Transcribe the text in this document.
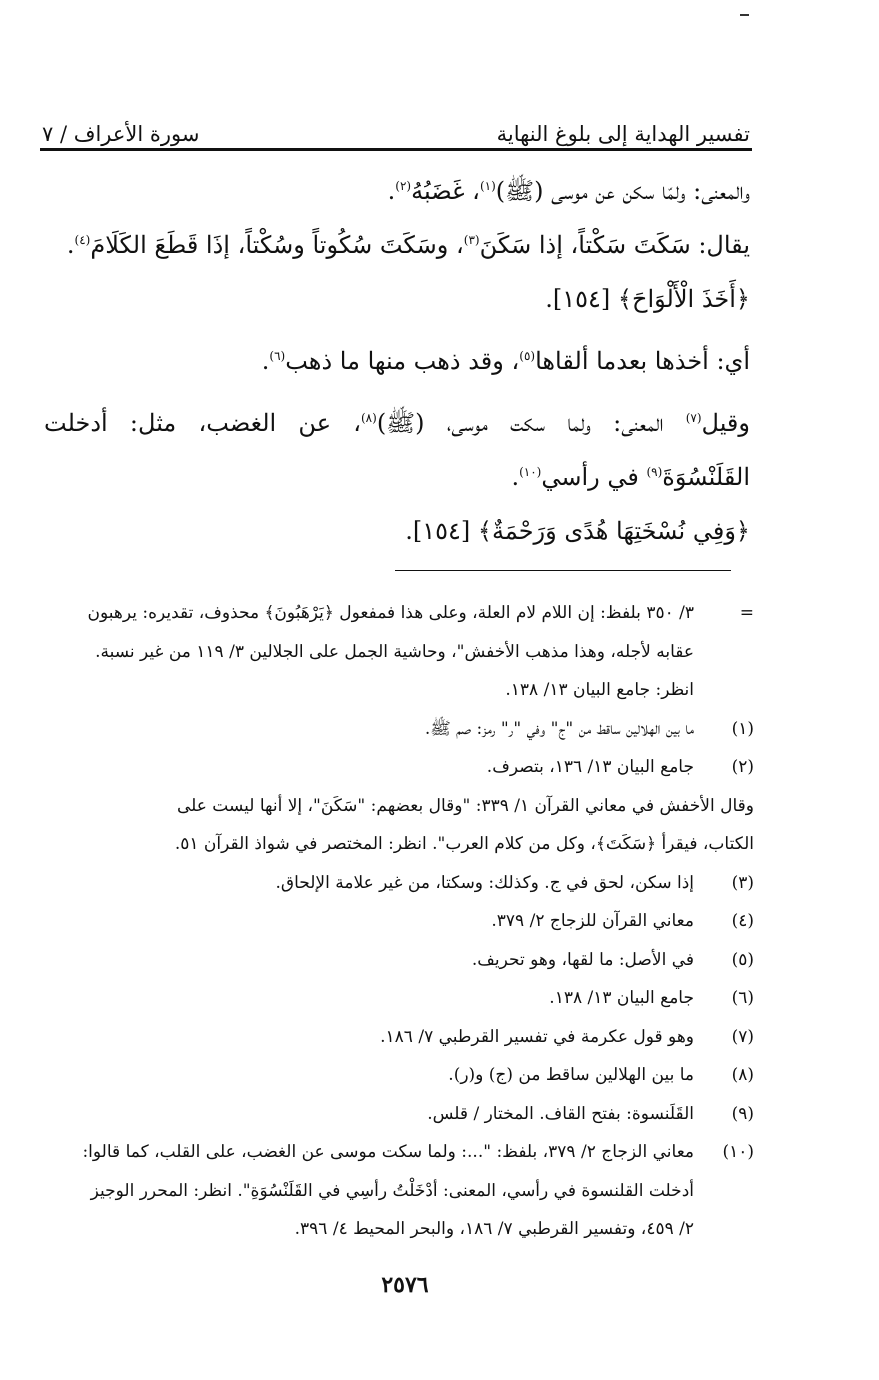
تفسير الهداية إلى بلوغ النهاية
سورة الأعراف / ٧

والمعنى: ولمّا سكن عن موسى (ﷺ)$^{(١)}$، غَضَبُهُ$^{(٢)}$.

يقال: سَكَتَ سَكْتاً، إذا سَكَنَ$^{(٣)}$، وسَكَتَ سُكُوتاً وسُكْتاً، إذَا قَطَعَ الكَلَامَ$^{(٤)}$.

﴿أَخَذَ الْأَلْوَاحَ﴾ [١٥٤].

أي: أخذها بعدما ألقاها$^{(٥)}$، وقد ذهب منها ما ذهب$^{(٦)}$.

وقيل$^{(٧)}$ المعنى: ولما سكت موسى، (ﷺ)$^{(٨)}$، عن الغضب، مثل: أدخلت

القَلَنْسُوَةَ$^{(٩)}$ في رأسي$^{(١٠)}$.

﴿وَفِي نُسْخَتِهَا هُدًى وَرَحْمَةٌ﴾ [١٥٤].

=
٣/ ٣٥٠ بلفظ: إن اللام لام العلة، وعلى هذا فمفعول ﴿يَرْهَبُونَ﴾ محذوف، تقديره: يرهبون
عقابه لأجله، وهذا مذهب الأخفش"، وحاشية الجمل على الجلالين ٣/ ١١٩ من غير نسبة.
انظر: جامع البيان ١٣/ ١٣٨.
(١)
ما بين الهلالين ساقط من "ج" وفي "ر" رمز: صم ﷺ.
(٢)
جامع البيان ١٣/ ١٣٦، بتصرف.
وقال الأخفش في معاني القرآن ١/ ٣٣٩: "وقال بعضهم: "سَكَنَ"، إلا أنها ليست على
الكتاب، فيقرأ ﴿سَكَتَ﴾، وكل من كلام العرب". انظر: المختصر في شواذ القرآن ٥١.
(٣)
إذا سكن، لحق في ج. وكذلك: وسكتا، من غير علامة الإلحاق.
(٤)
معاني القرآن للزجاج ٢/ ٣٧٩.
(٥)
في الأصل: ما لقها، وهو تحريف.
(٦)
جامع البيان ١٣/ ١٣٨.
(٧)
وهو قول عكرمة في تفسير القرطبي ٧/ ١٨٦.
(٨)
ما بين الهلالين ساقط من (ج) و(ر).
(٩)
القَلَنسوة: بفتح القاف. المختار / قلس.
(١٠)
معاني الزجاج ٢/ ٣٧٩، بلفظ: "...: ولما سكت موسى عن الغضب، على القلب، كما قالوا:
أدخلت القلنسوة في رأسي، المعنى: أدْخَلْتُ رأسِي في القَلَنْسُوَةِ". انظر: المحرر الوجيز
٢/ ٤٥٩، وتفسير القرطبي ٧/ ١٨٦، والبحر المحيط ٤/ ٣٩٦.
٢٥٧٦
